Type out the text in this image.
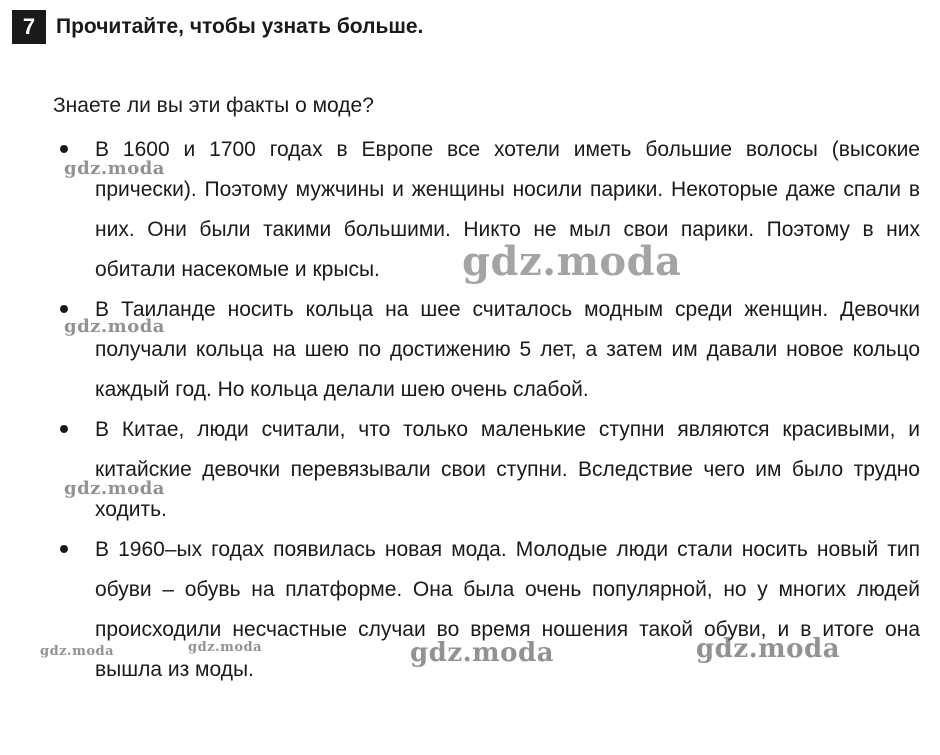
7 Прочитайте, чтобы узнать больше.
Знаете ли вы эти факты о моде?
В 1600 и 1700 годах в Европе все хотели иметь большие волосы (высокие прически). Поэтому мужчины и женщины носили парики. Некоторые даже спали в них. Они были такими большими. Никто не мыл свои парики. Поэтому в них обитали насекомые и крысы.
В Таиланде носить кольца на шее считалось модным среди женщин. Девочки получали кольца на шею по достижению 5 лет, а затем им давали новое кольцо каждый год. Но кольца делали шею очень слабой.
В Китае, люди считали, что только маленькие ступни являются красивыми, и китайские девочки перевязывали свои ступни. Вследствие чего им было трудно ходить.
В 1960–ых годах появилась новая мода. Молодые люди стали носить новый тип обуви – обувь на платформе. Она была очень популярной, но у многих людей происходили несчастные случаи во время ношения такой обуви, и в итоге она вышла из моды.
gdz.moda
gdz.moda
gdz.moda
gdz.moda
gdz.moda	gdz.moda	gdz.moda	gdz.moda
